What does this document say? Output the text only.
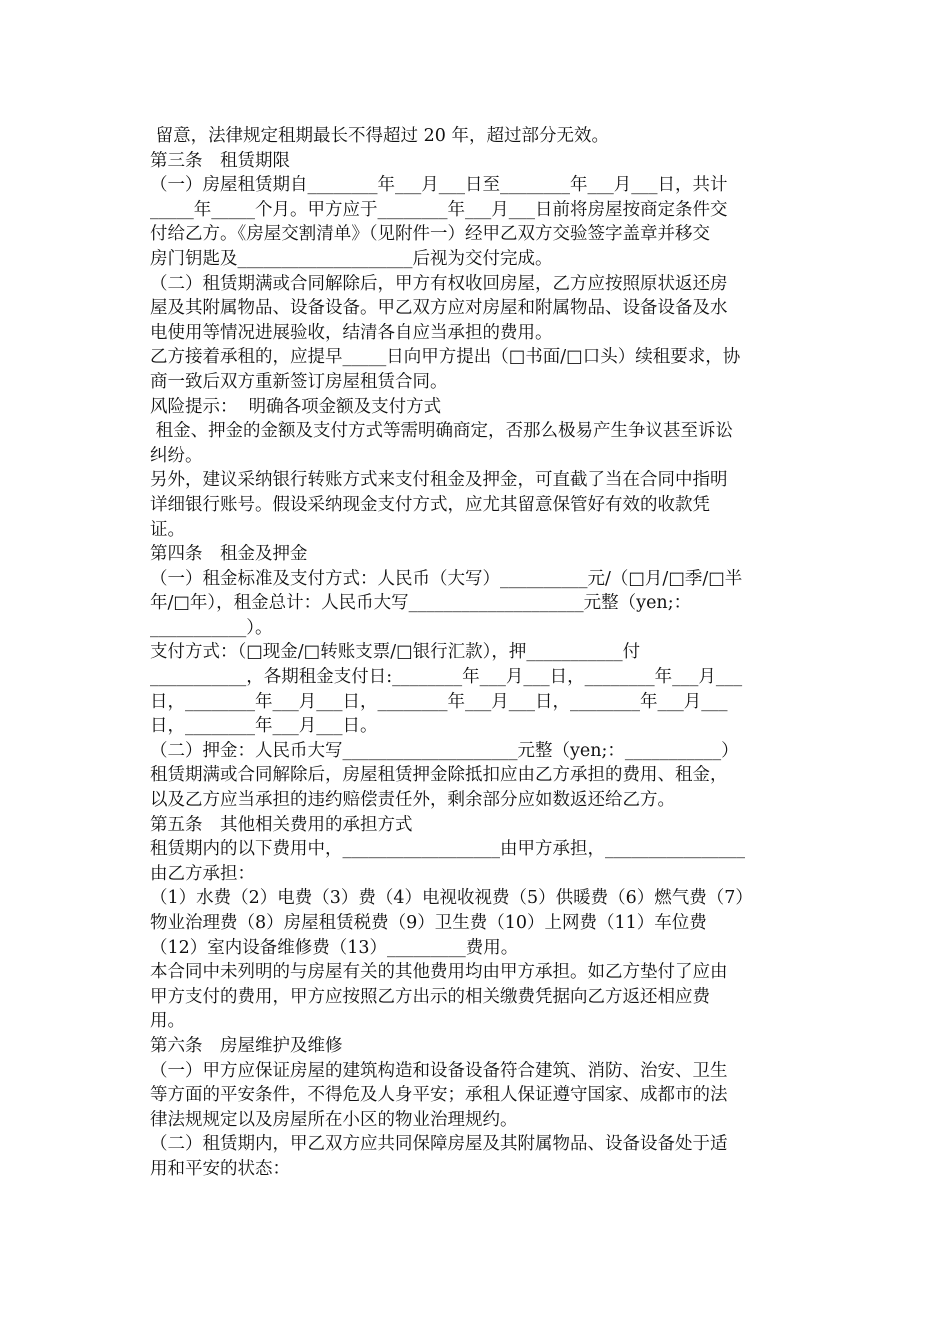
留意，法律规定租期最长不得超过 20 年，超过部分无效。
第三条　租赁期限
（一）房屋租赁期自________年___月___日至________年___月___日，共计
_____年_____个月。甲方应于________年___月___日前将房屋按商定条件交
付给乙方。《房屋交割清单》（见附件一）经甲乙双方交验签字盖章并移交
房门钥匙及____________________后视为交付完成。
（二）租赁期满或合同解除后，甲方有权收回房屋，乙方应按照原状返还房
屋及其附属物品、设备设备。甲乙双方应对房屋和附属物品、设备设备及水
电使用等情况进展验收，结清各自应当承担的费用。
乙方接着承租的，应提早_____日向甲方提出（□书面/□口头）续租要求，协
商一致后双方重新签订房屋租赁合同。
风险提示：  明确各项金额及支付方式
租金、押金的金额及支付方式等需明确商定，否那么极易产生争议甚至诉讼
纠纷。
另外，建议采纳银行转账方式来支付租金及押金，可直截了当在合同中指明
详细银行账号。假设采纳现金支付方式，应尤其留意保管好有效的收款凭
证。
第四条　租金及押金
（一）租金标准及支付方式：人民币（大写）__________元/（□月/□季/□半
年/□年），租金总计：人民币大写____________________元整（yen;：
___________）。
支付方式：（□现金/□转账支票/□银行汇款），押___________付
___________，各期租金支付日:________年___月___日，________年___月___
日，________年___月___日，________年___月___日，________年___月___
日，________年___月___日。
（二）押金：人民币大写____________________元整（yen;：___________）
租赁期满或合同解除后，房屋租赁押金除抵扣应由乙方承担的费用、租金，
以及乙方应当承担的违约赔偿责任外，剩余部分应如数返还给乙方。
第五条　其他相关费用的承担方式
租赁期内的以下费用中，__________________由甲方承担，________________
由乙方承担：
（1）水费（2）电费（3）费（4）电视收视费（5）供暖费（6）燃气费（7）
物业治理费（8）房屋租赁税费（9）卫生费（10）上网费（11）车位费
（12）室内设备维修费（13）_________费用。
本合同中未列明的与房屋有关的其他费用均由甲方承担。如乙方垫付了应由
甲方支付的费用，甲方应按照乙方出示的相关缴费凭据向乙方返还相应费
用。
第六条　房屋维护及维修
（一）甲方应保证房屋的建筑构造和设备设备符合建筑、消防、治安、卫生
等方面的平安条件，不得危及人身平安；承租人保证遵守国家、成都市的法
律法规规定以及房屋所在小区的物业治理规约。
（二）租赁期内，甲乙双方应共同保障房屋及其附属物品、设备设备处于适
用和平安的状态：
